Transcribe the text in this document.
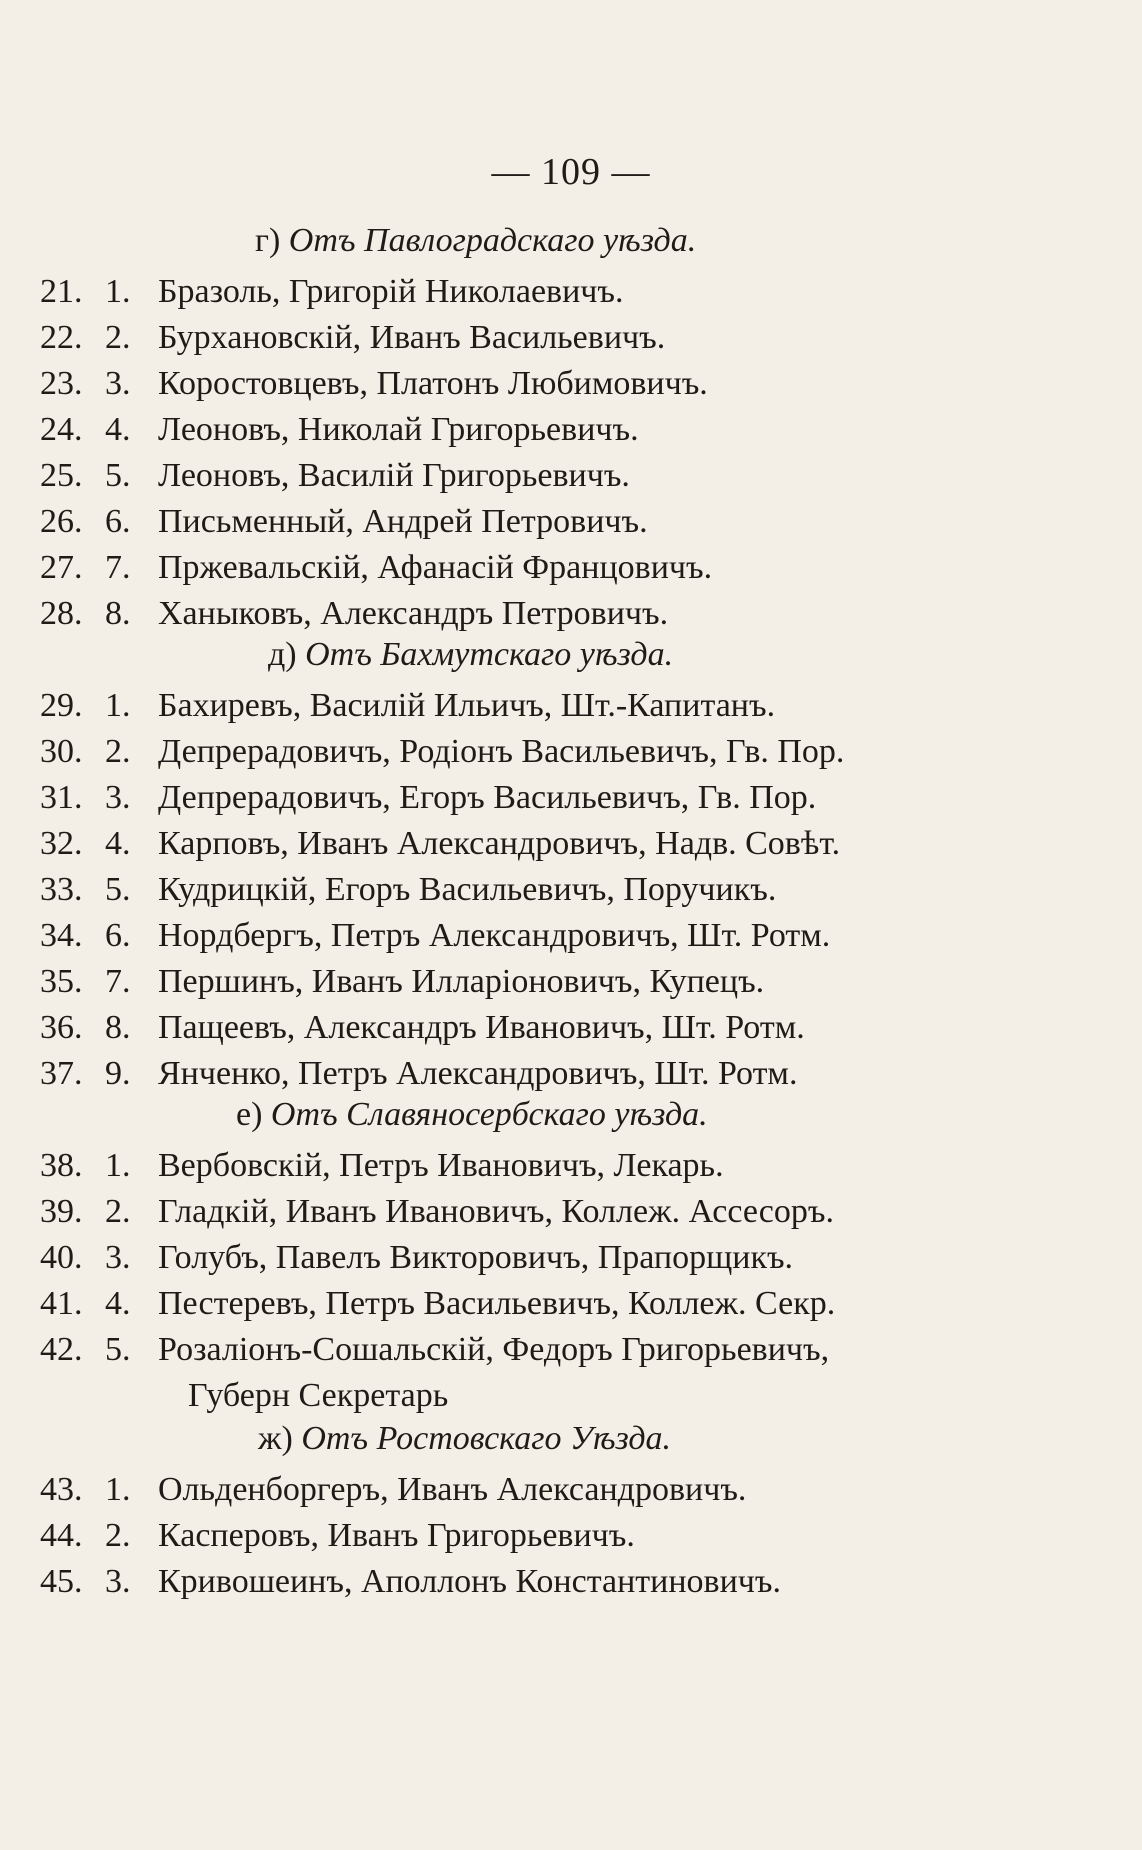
— 109 —
г) Отъ Павлоградскаго уѣзда.
21. 1. Бразоль, Григорій Николаевичъ.
22. 2. Бурхановскій, Иванъ Васильевичъ.
23. 3. Коростовцевъ, Платонъ Любимовичъ.
24. 4. Леоновъ, Николай Григорьевичъ.
25. 5. Леоновъ, Василій Григорьевичъ.
26. 6. Письменный, Андрей Петровичъ.
27. 7. Пржевальскій, Афанасій Францовичъ.
28. 8. Ханыковъ, Александръ Петровичъ.
д) Отъ Бахмутскаго уѣзда.
29. 1. Бахиревъ, Василій Ильичъ, Шт.-Капитанъ.
30. 2. Депрерадовичъ, Родіонъ Васильевичъ, Гв. Пор.
31. 3. Депрерадовичъ, Егоръ Васильевичъ, Гв. Пор.
32. 4. Карповъ, Иванъ Александровичъ, Надв. Совѣт.
33. 5. Кудрицкій, Егоръ Васильевичъ, Поручикъ.
34. 6. Нордбергъ, Петръ Александровичъ, Шт. Ротм.
35. 7. Першинъ, Иванъ Илларіоновичъ, Купецъ.
36. 8. Пащеевъ, Александръ Ивановичъ, Шт. Ротм.
37. 9. Янченко, Петръ Александровичъ, Шт. Ротм.
е) Отъ Славяносербскаго уѣзда.
38. 1. Вербовскій, Петръ Ивановичъ, Лекарь.
39. 2. Гладкій, Иванъ Ивановичъ, Коллеж. Ассесоръ.
40. 3. Голубъ, Павелъ Викторовичъ, Прапорщикъ.
41. 4. Пестеревъ, Петръ Васильевичъ, Коллеж. Секр.
42. 5. Розаліонъ-Сошальскій, Федоръ Григорьевичъ,
Губерн Секретарь
ж) Отъ Ростовскаго Уѣзда.
43. 1. Ольденборгеръ, Иванъ Александровичъ.
44. 2. Касперовъ, Иванъ Григорьевичъ.
45. 3. Кривошеинъ, Аполлонъ Константиновичъ.
